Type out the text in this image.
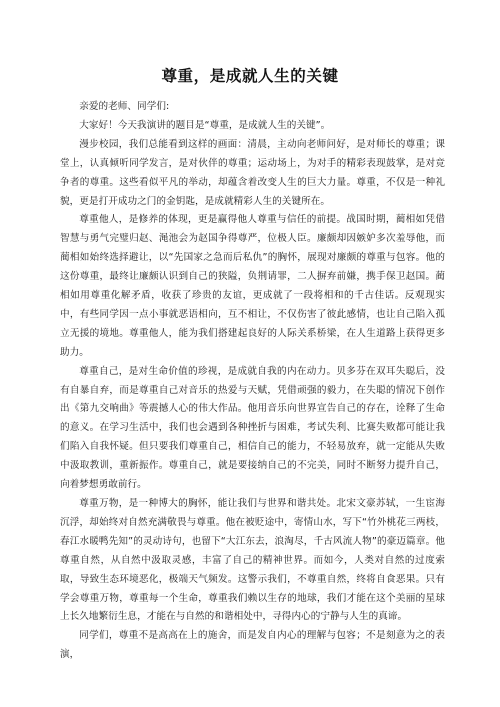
尊重，是成就人生的关键

亲爱的老师、同学们:

大家好！今天我演讲的题目是“尊重，是成就人生的关键”。

漫步校园，我们总能看到这样的画面：清晨，主动向老师问好，是对师长的尊重；课堂上，认真倾听同学发言，是对伙伴的尊重；运动场上，为对手的精彩表现鼓掌，是对竞争者的尊重。这些看似平凡的举动，却蕴含着改变人生的巨大力量。尊重，不仅是一种礼貌，更是打开成功之门的金钥匙，是成就精彩人生的关键所在。

尊重他人，是修养的体现，更是赢得他人尊重与信任的前提。战国时期，蔺相如凭借智慧与勇气完璧归赵、渑池会为赵国争得尊严，位极人臣。廉颇却因嫉妒多次羞辱他，而蔺相如始终选择避让，以“先国家之急而后私仇”的胸怀，展现对廉颇的尊重与包容。他的这份尊重，最终让廉颇认识到自己的狭隘，负荆请罪，二人摒弃前嫌，携手保卫赵国。蔺相如用尊重化解矛盾，收获了珍贵的友谊，更成就了一段将相和的千古佳话。反观现实中，有些同学因一点小事就恶语相向，互不相让，不仅伤害了彼此感情，也让自己陷入孤立无援的境地。尊重他人，能为我们搭建起良好的人际关系桥梁，在人生道路上获得更多助力。

尊重自己，是对生命价值的珍视，是成就自我的内在动力。贝多芬在双耳失聪后，没有自暴自弃，而是尊重自己对音乐的热爱与天赋，凭借顽强的毅力，在失聪的情况下创作出《第九交响曲》等震撼人心的伟大作品。他用音乐向世界宣告自己的存在，诠释了生命的意义。在学习生活中，我们也会遇到各种挫折与困难，考试失利、比赛失败都可能让我们陷入自我怀疑。但只要我们尊重自己，相信自己的能力，不轻易放弃，就一定能从失败中汲取教训，重新振作。尊重自己，就是要接纳自己的不完美，同时不断努力提升自己，向着梦想勇敢前行。

尊重万物，是一种博大的胸怀，能让我们与世界和谐共处。北宋文豪苏轼，一生宦海沉浮，却始终对自然充满敬畏与尊重。他在被贬途中，寄情山水，写下“竹外桃花三两枝，春江水暖鸭先知”的灵动诗句，也留下“大江东去，浪淘尽，千古风流人物”的豪迈篇章。他尊重自然，从自然中汲取灵感，丰富了自己的精神世界。而如今，人类对自然的过度索取，导致生态环境恶化，极端天气频发。这警示我们，不尊重自然，终将自食恶果。只有学会尊重万物，尊重每一个生命，尊重我们赖以生存的地球，我们才能在这个美丽的星球上长久地繁衍生息，才能在与自然的和谐相处中，寻得内心的宁静与人生的真谛。

同学们，尊重不是高高在上的施舍，而是发自内心的理解与包容；不是刻意为之的表演，
